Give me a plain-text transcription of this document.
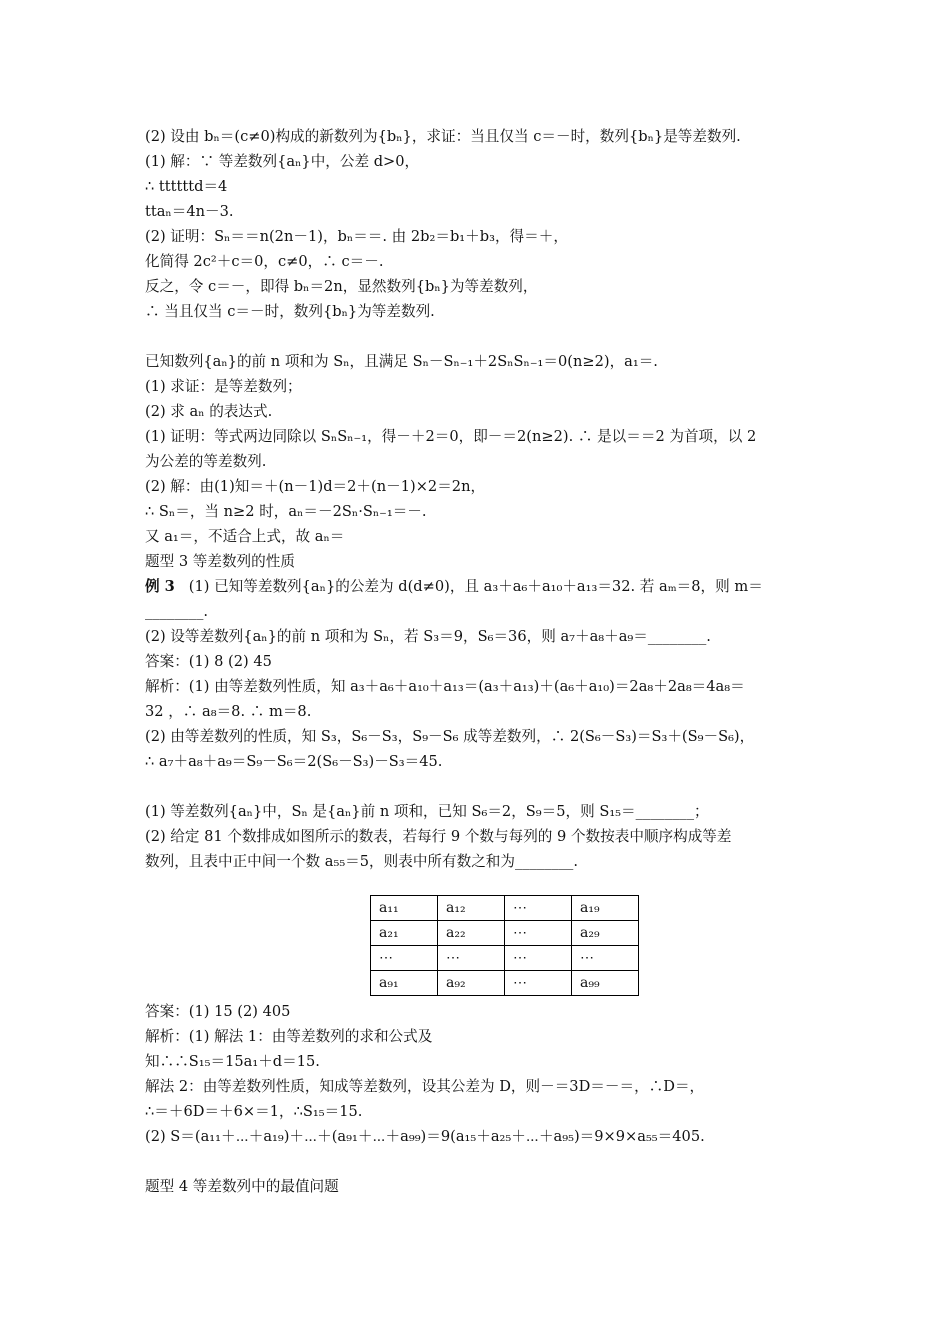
(2) 设由 bₙ＝(c≠0)构成的新数列为{bₙ}，求证：当且仅当 c＝－时，数列{bₙ}是等差数列.
(1) 解：∵ 等差数列{aₙ}中，公差 d>0，
∴ ttttttd＝4
ttaₙ＝4n－3.
(2) 证明：Sₙ＝＝n(2n－1)，bₙ＝＝. 由 2b₂＝b₁＋b₃，得＝＋，
化简得 2c²＋c＝0，c≠0，∴ c＝－.
反之，令 c＝－，即得 bₙ＝2n，显然数列{bₙ}为等差数列，
∴ 当且仅当 c＝－时，数列{bₙ}为等差数列.
已知数列{aₙ}的前 n 项和为 Sₙ，且满足 Sₙ－Sₙ₋₁＋2SₙSₙ₋₁＝0(n≥2)，a₁＝.
(1) 求证：是等差数列；
(2) 求 aₙ 的表达式.
(1) 证明：等式两边同除以 SₙSₙ₋₁，得－＋2＝0，即－＝2(n≥2). ∴ 是以＝＝2 为首项，以 2
为公差的等差数列.
(2) 解：由(1)知＝＋(n－1)d＝2＋(n－1)×2＝2n，
∴ Sₙ＝，当 n≥2 时，aₙ＝－2Sₙ·Sₙ₋₁＝－.
又 a₁＝，不适合上式，故 aₙ＝
题型 3 等差数列的性质
例 3 (1) 已知等差数列{aₙ}的公差为 d(d≠0)，且 a₃＋a₆＋a₁₀＋a₁₃＝32. 若 aₘ＝8，则 m＝
________.
(2) 设等差数列{aₙ}的前 n 项和为 Sₙ，若 S₃＝9，S₆＝36，则 a₇＋a₈＋a₉＝________.
答案：(1) 8 (2) 45
解析：(1) 由等差数列性质，知 a₃＋a₆＋a₁₀＋a₁₃＝(a₃＋a₁₃)＋(a₆＋a₁₀)＝2a₈＋2a₈＝4a₈＝
32 ，∴ a₈＝8. ∴ m＝8.
(2) 由等差数列的性质，知 S₃，S₆－S₃，S₉－S₆ 成等差数列，∴ 2(S₆－S₃)＝S₃＋(S₉－S₆)，
∴ a₇＋a₈＋a₉＝S₉－S₆＝2(S₆－S₃)－S₃＝45.
(1) 等差数列{aₙ}中，Sₙ 是{aₙ}前 n 项和，已知 S₆＝2，S₉＝5，则 S₁₅＝________；
(2) 给定 81 个数排成如图所示的数表，若每行 9 个数与每列的 9 个数按表中顺序构成等差
数列，且表中正中间一个数 a₅₅＝5，则表中所有数之和为________.
a₁₁	a₁₂	⋯	a₁₉
a₂₁	a₂₂	⋯	a₂₉
⋯	⋯	⋯	⋯
a₉₁	a₉₂	⋯	a₉₉
答案：(1) 15 (2) 405
解析：(1) 解法 1：由等差数列的求和公式及
知∴∴S₁₅＝15a₁＋d＝15.
解法 2：由等差数列性质，知成等差数列，设其公差为 D，则－＝3D＝－＝，∴D＝，
∴＝＋6D＝＋6×＝1，∴S₁₅＝15.
(2) S＝(a₁₁＋⋯＋a₁₉)＋⋯＋(a₉₁＋⋯＋a₉₉)＝9(a₁₅＋a₂₅＋⋯＋a₉₅)＝9×9×a₅₅＝405.
题型 4 等差数列中的最值问题
